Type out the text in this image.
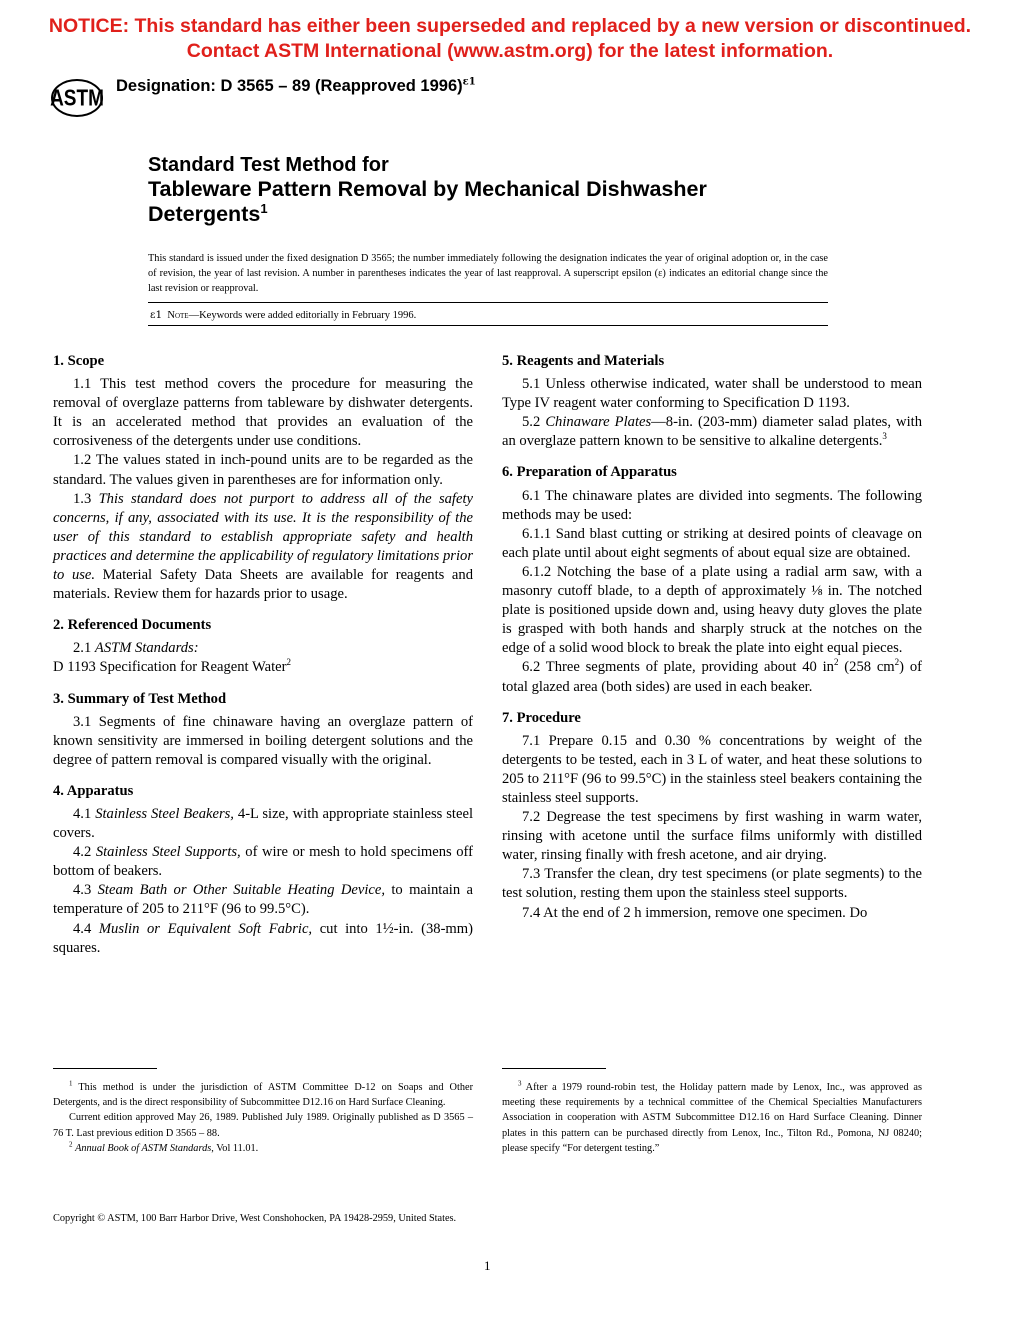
NOTICE: This standard has either been superseded and replaced by a new version or discontinued.
Contact ASTM International (www.astm.org) for the latest information.
ASTM
Designation: D 3565 – 89 (Reapproved 1996)$^{\varepsilon 1}$
Standard Test Method for
Tableware Pattern Removal by Mechanical Dishwasher
Detergents$^1$
This standard is issued under the fixed designation D 3565; the number immediately following the designation indicates the year of original adoption or, in the case of revision, the year of last revision. A number in parentheses indicates the year of last reapproval. A superscript epsilon (ε) indicates an editorial change since the last revision or reapproval.
ε1 Note—Keywords were added editorially in February 1996.
1. Scope

1.1 This test method covers the procedure for measuring the removal of overglaze patterns from tableware by dishwater detergents. It is an accelerated method that provides an evaluation of the corrosiveness of the detergents under use conditions.

1.2 The values stated in inch-pound units are to be regarded as the standard. The values given in parentheses are for information only.

1.3 This standard does not purport to address all of the safety concerns, if any, associated with its use. It is the responsibility of the user of this standard to establish appropriate safety and health practices and determine the applicability of regulatory limitations prior to use. Material Safety Data Sheets are available for reagents and materials. Review them for hazards prior to usage.

2. Referenced Documents

2.1 ASTM Standards:

D 1193 Specification for Reagent Water$^2$

3. Summary of Test Method

3.1 Segments of fine chinaware having an overglaze pattern of known sensitivity are immersed in boiling detergent solutions and the degree of pattern removal is compared visually with the original.

4. Apparatus

4.1 Stainless Steel Beakers, 4-L size, with appropriate stainless steel covers.

4.2 Stainless Steel Supports, of wire or mesh to hold specimens off bottom of beakers.

4.3 Steam Bath or Other Suitable Heating Device, to maintain a temperature of 205 to 211°F (96 to 99.5°C).

4.4 Muslin or Equivalent Soft Fabric, cut into 1½-in. (38-mm) squares.

5. Reagents and Materials

5.1 Unless otherwise indicated, water shall be understood to mean Type IV reagent water conforming to Specification D 1193.

5.2 Chinaware Plates—8-in. (203-mm) diameter salad plates, with an overglaze pattern known to be sensitive to alkaline detergents.$^3$

6. Preparation of Apparatus

6.1 The chinaware plates are divided into segments. The following methods may be used:

6.1.1 Sand blast cutting or striking at desired points of cleavage on each plate until about eight segments of about equal size are obtained.

6.1.2 Notching the base of a plate using a radial arm saw, with a masonry cutoff blade, to a depth of approximately ⅛ in. The notched plate is positioned upside down and, using heavy duty gloves the plate is grasped with both hands and sharply struck at the notches on the edge of a solid wood block to break the plate into eight equal pieces.

6.2 Three segments of plate, providing about 40 $in^2$ (258 $cm^2$) of total glazed area (both sides) are used in each beaker.

7. Procedure

7.1 Prepare 0.15 and 0.30 % concentrations by weight of the detergents to be tested, each in 3 L of water, and heat these solutions to 205 to 211°F (96 to 99.5°C) in the stainless steel beakers containing the stainless steel supports.

7.2 Degrease the test specimens by first washing in warm water, rinsing with acetone until the surface films uniformly with distilled water, rinsing finally with fresh acetone, and air drying.

7.3 Transfer the clean, dry test specimens (or plate segments) to the test solution, resting them upon the stainless steel supports.

7.4 At the end of 2 h immersion, remove one specimen. Do

$^1$ This method is under the jurisdiction of ASTM Committee D-12 on Soaps and Other Detergents, and is the direct responsibility of Subcommittee D12.16 on Hard Surface Cleaning.

Current edition approved May 26, 1989. Published July 1989. Originally published as D 3565 – 76 T. Last previous edition D 3565 – 88.

$^2$ Annual Book of ASTM Standards, Vol 11.01.

$^3$ After a 1979 round-robin test, the Holiday pattern made by Lenox, Inc., was approved as meeting these requirements by a technical committee of the Chemical Specialties Manufacturers Association in cooperation with ASTM Subcommittee D12.16 on Hard Surface Cleaning. Dinner plates in this pattern can be purchased directly from Lenox, Inc., Tilton Rd., Pomona, NJ 08240; please specify “For detergent testing.”

Copyright © ASTM, 100 Barr Harbor Drive, West Conshohocken, PA 19428-2959, United States.
1
